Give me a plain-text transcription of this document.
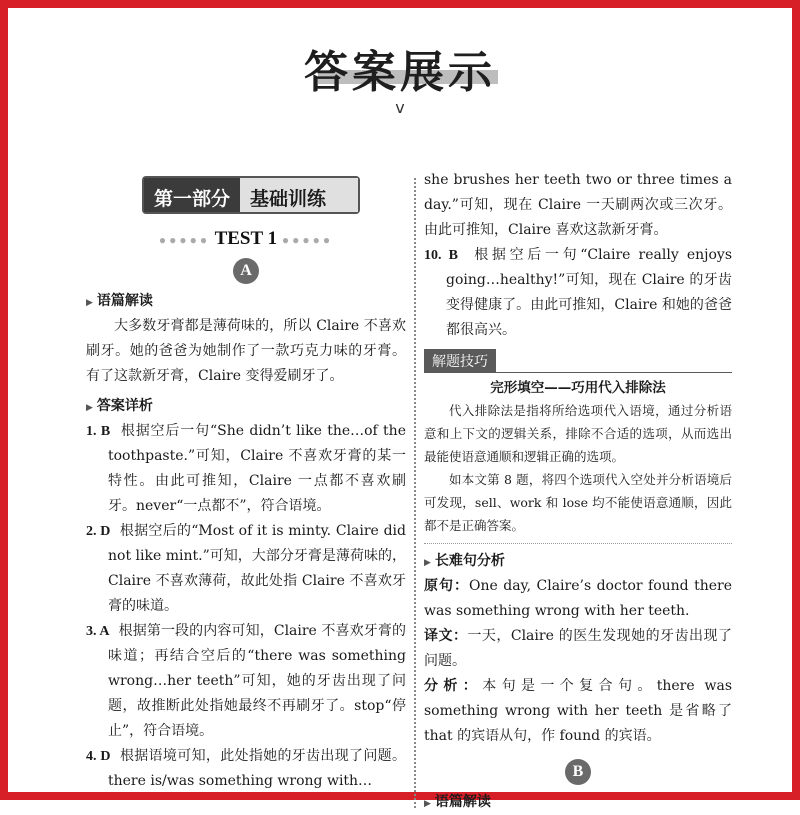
答案展示
v
第一部分	基础训练
●●●●● TEST 1 ●●●●●
A
▶ 语篇解读
大多数牙膏都是薄荷味的，所以 Claire 不喜欢刷牙。她的爸爸为她制作了一款巧克力味的牙膏。有了这款新牙膏，Claire 变得爱刷牙了。
▶ 答案详析
1. B 根据空后一句“She didn’t like the…of the toothpaste.”可知，Claire 不喜欢牙膏的某一特性。由此可推知，Claire 一点都不喜欢刷牙。never“一点都不”，符合语境。
2. D 根据空后的“Most of it is minty. Claire did not like mint.”可知，大部分牙膏是薄荷味的，Claire 不喜欢薄荷，故此处指 Claire 不喜欢牙膏的味道。
3. A 根据第一段的内容可知，Claire 不喜欢牙膏的味道；再结合空后的“there was something wrong…her teeth”可知，她的牙齿出现了问题，故推断此处指她最终不再刷牙了。stop“停止”，符合语境。
4. D 根据语境可知，此处指她的牙齿出现了问题。there is/was something wrong with…
she brushes her teeth two or three times a day.”可知，现在 Claire 一天刷两次或三次牙。由此可推知，Claire 喜欢这款新牙膏。
10. B 根据空后一句“Claire really enjoys going…healthy!”可知，现在 Claire 的牙齿变得健康了。由此可推知，Claire 和她的爸爸都很高兴。
解题技巧
完形填空——巧用代入排除法
代入排除法是指将所给选项代入语境，通过分析语意和上下文的逻辑关系，排除不合适的选项，从而选出最能使语意通顺和逻辑正确的选项。
如本文第 8 题，将四个选项代入空处并分析语境后可发现，sell、work 和 lose 均不能使语意通顺，因此都不是正确答案。
▶ 长难句分析
原句：One day, Claire’s doctor found there was something wrong with her teeth.
译文：一天，Claire 的医生发现她的牙齿出现了问题。
分析：本句是一个复合句。there was something wrong with her teeth 是省略了 that 的宾语从句，作 found 的宾语。
B
▶ 语篇解读
